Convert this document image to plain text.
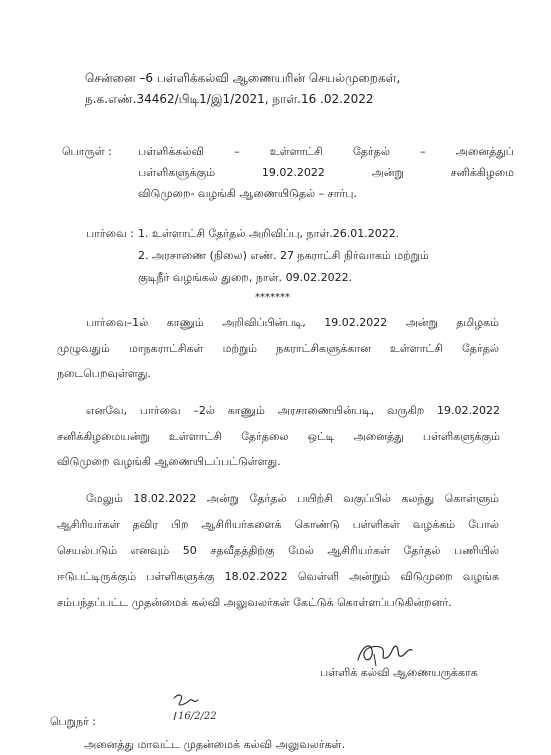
சென்னை –6 பள்ளிக்கல்வி ஆணையரின் செயல்முறைகள்,
ந.க.எண்.34462/பிடி1/இ1/2021, நாள்.16 .02.2022
பொருள் : பள்ளிக்கல்வி – உள்ளாட்சி தேர்தல் – அனைத்துப்
பள்ளிகளுக்கும் 19.02.2022 அன்று சனிக்கிழமை
விடுமுறை- வழங்கி ஆணையிடுதல் – சார்பு.
பார்வை : 1. உள்ளாட்சி தேர்தல் அறிவிப்பு, நாள்.26.01.2022.
2. அரசாணை (நிலை) எண். 27 நகராட்சி நிர்வாகம் மற்றும்
குடிநீர் வழங்கல் துறை, நாள். 09.02.2022.
*******
பார்வை–1ல் காணும் அறிவிப்பின்படி, 19.02.2022 அன்று தமிழகம்
முழுவதும் மாநகராட்சிகள் மற்றும் நகராட்சிகளுக்கான உள்ளாட்சி தேர்தல்
நடைபெறவுள்ளது.
எனவே, பார்வை –2ல் காணும் அரசாணையின்படி, வருகிற 19.02.2022
சனிக்கிழமையன்று உள்ளாட்சி தேர்தலை ஒட்டி அனைத்து பள்ளிகளுக்கும்
விடுமுறை வழங்கி ஆணையிடப்பட்டுள்ளது.
மேலும் 18.02.2022 அன்று தேர்தல் பயிற்சி வகுப்பில் கலந்து கொள்ளும்
ஆசிரியர்கள் தவிர பிற ஆசிரியர்களைக் கொண்டு பள்ளிகள் வழக்கம் போல்
செயல்படும் எனவும் 50 சதவீதத்திற்கு மேல் ஆசிரியர்கள் தேர்தல் பணியில்
ஈடுபட்டிருக்கும் பள்ளிகளுக்கு 18.02.2022 வெள்ளி அன்றும் விடுமுறை வழங்க
சம்பந்தப்பட்ட முதன்மைக் கல்வி அலுவலர்கள் கேட்டுக் கொள்ளப்படுகின்றனர்.
பள்ளிக் கல்வி ஆணையருக்காக
16/2/22
பெறுநர் :
அனைத்து மாவட்ட முதன்மைக் கல்வி அலுவலர்கள்.
